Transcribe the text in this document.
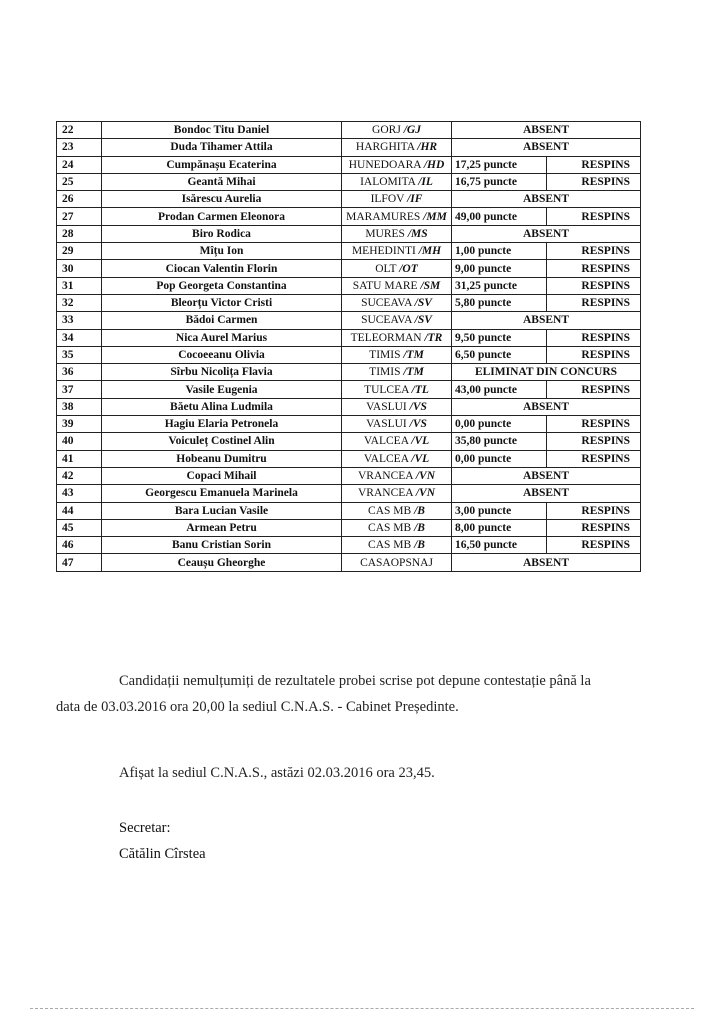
22	Bondoc Titu Daniel	GORJ /GJ	ABSENT	
23	Duda Tihamer Attila	HARGHITA /HR	ABSENT	
24	Cumpănașu Ecaterina	HUNEDOARA /HD	17,25 puncte	RESPINS
25	Geantă Mihai	IALOMITA /IL	16,75 puncte	RESPINS
26	Isărescu Aurelia	ILFOV /IF	ABSENT	
27	Prodan Carmen Eleonora	MARAMURES /MM	49,00 puncte	RESPINS
28	Biro Rodica	MURES /MS	ABSENT	
29	Mîțu Ion	MEHEDINTI /MH	1,00 puncte	RESPINS
30	Ciocan Valentin Florin	OLT /OT	9,00 puncte	RESPINS
31	Pop Georgeta Constantina	SATU MARE /SM	31,25 puncte	RESPINS
32	Bleorțu Victor Cristi	SUCEAVA /SV	5,80 puncte	RESPINS
33	Bădoi Carmen	SUCEAVA /SV	ABSENT	
34	Nica Aurel Marius	TELEORMAN /TR	9,50 puncte	RESPINS
35	Cocoeeanu Olivia	TIMIS /TM	6,50 puncte	RESPINS
36	Sîrbu Nicolița Flavia	TIMIS /TM	ELIMINAT DIN CONCURS	
37	Vasile Eugenia	TULCEA /TL	43,00 puncte	RESPINS
38	Băetu Alina Ludmila	VASLUI /VS	ABSENT	
39	Hagiu Elaria Petronela	VASLUI /VS	0,00 puncte	RESPINS
40	Voiculeț Costinel Alin	VALCEA /VL	35,80 puncte	RESPINS
41	Hobeanu Dumitru	VALCEA /VL	0,00 puncte	RESPINS
42	Copaci Mihail	VRANCEA /VN	ABSENT	
43	Georgescu Emanuela Marinela	VRANCEA /VN	ABSENT	
44	Bara Lucian Vasile	CAS MB /B	3,00 puncte	RESPINS
45	Armean Petru	CAS MB /B	8,00 puncte	RESPINS
46	Banu Cristian Sorin	CAS MB /B	16,50 puncte	RESPINS
47	Ceaușu Gheorghe	CASAOPSNAJ	ABSENT	
Candidații nemulțumiți de rezultatele probei scrise pot depune contestație până la
data de 03.03.2016 ora 20,00 la sediul C.N.A.S. - Cabinet Președinte.
Afișat la sediul C.N.A.S., astăzi 02.03.2016 ora 23,45.
Secretar:
Cătălin Cîrstea
